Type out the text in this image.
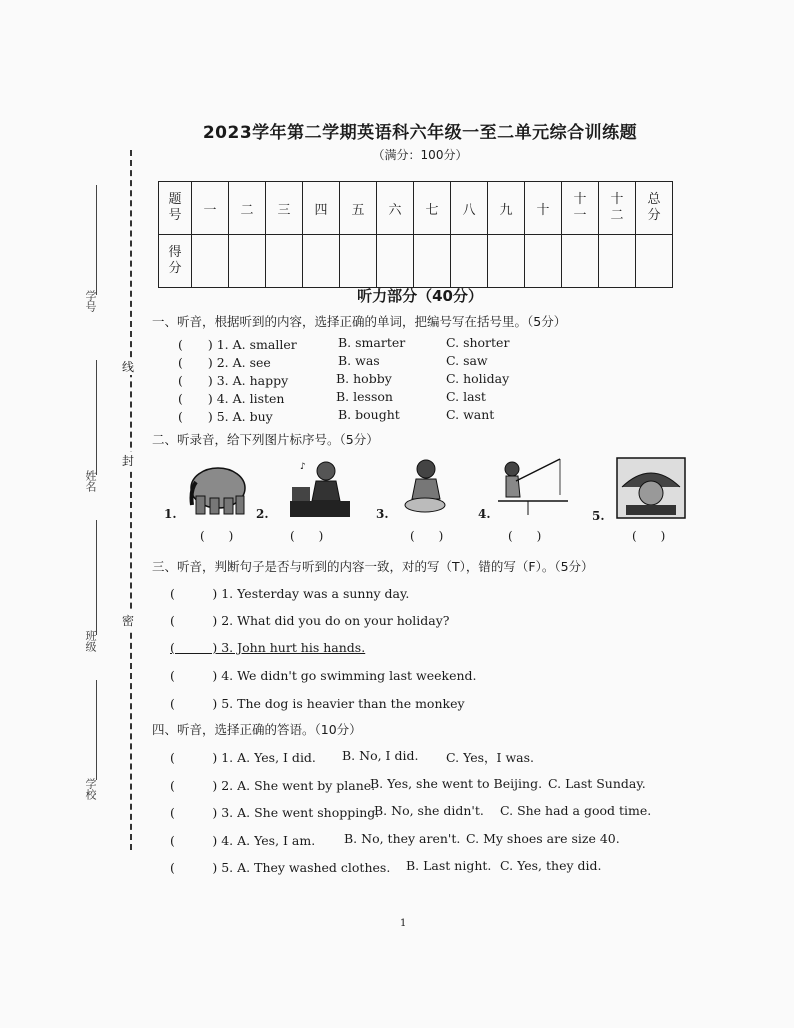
学号
姓名
班级
学校
线
封
密
2023学年第二学期英语科六年级一至二单元综合训练题
（满分：100分）
题号	一	二	三	四	五	六	七	八	九	十	十一	十二	总分
得分													
听力部分（40分）
一、听音，根据听到的内容，选择正确的单词，把编号写在括号里。（5分）
(　　) 1. A. smaller	B. smarter	C. shorter
(　　) 2. A. see	B. was	C. saw
(　　) 3. A. happy	B. hobby	C. holiday
(　　) 4. A. listen	B. lesson	C. last
(　　) 5. A. buy	B. bought	C. want
二、听录音，给下列图片标序号。（5分）
1.
(　　)
2.
♪
(　　)
3.
(　　)
4.
(　　)
5.
(　　)
三、听音，判断句子是否与听到的内容一致，对的写（T），错的写（F）。（5分）
(　　　) 1. Yesterday was a sunny day.
(　　　) 2. What did you do on your holiday?
(　　　) 3. John hurt his hands.
(　　　) 4. We didn't go swimming last weekend.
(　　　) 5. The dog is heavier than the monkey
四、听音，选择正确的答语。（10分）
(　　　) 1. A. Yes, I did. B. No, I did. C. Yes，I was.
(　　　) 2. A. She went by plane.
B. Yes, she went to Beijing. C. Last Sunday.
(　　　) 3. A. She went shopping.
B. No, she didn't. C. She had a good time.
(　　　) 4. A. Yes, I am. B. No, they aren't. C. My shoes are size 40.
(　　　) 5. A. They washed clothes. B. Last night. C. Yes, they did.
1
